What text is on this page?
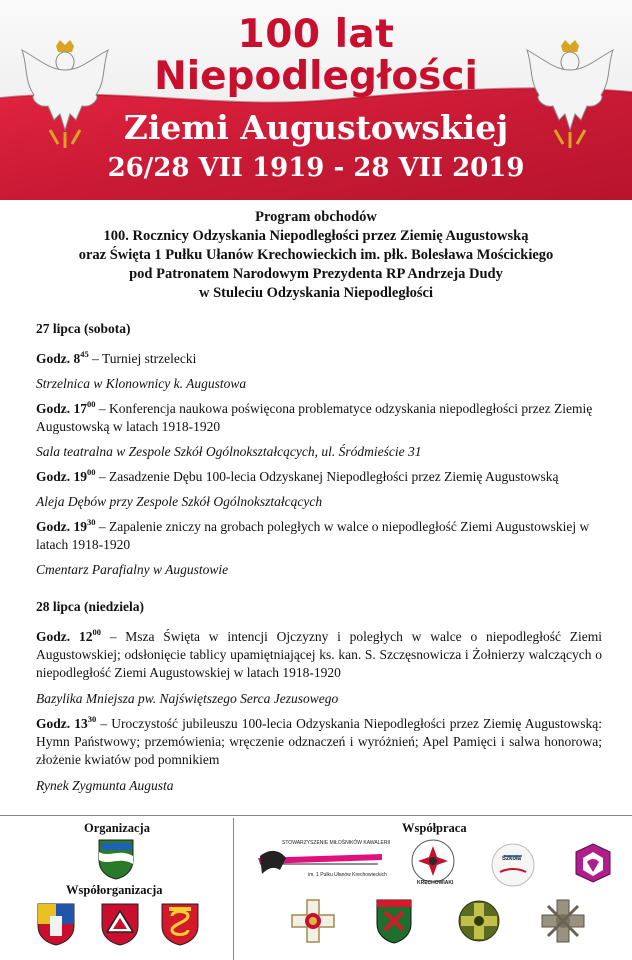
100 lat
Niepodległości
Ziemi Augustowskiej
26/28 VII 1919 - 28 VII 2019
Program obchodów
100. Rocznicy Odzyskania Niepodległości przez Ziemię Augustowską
oraz Święta 1 Pułku Ułanów Krechowieckich im. płk. Bolesława Mościckiego
pod Patronatem Narodowym Prezydenta RP Andrzeja Dudy
w Stuleciu Odzyskania Niepodległości
27 lipca (sobota)
Godz. $8^{45}$ – Turniej strzelecki
Strzelnica w Klonownicy k. Augustowa
Godz. $17^{00}$ – Konferencja naukowa poświęcona problematyce odzyskania niepodległości przez Ziemię Augustowską w latach 1918-1920
Sala teatralna w Zespole Szkół Ogólnokształcących, ul. Śródmieście 31
Godz. $19^{00}$ – Zasadzenie Dębu 100-lecia Odzyskanej Niepodległości przez Ziemię Augustowską
Aleja Dębów przy Zespole Szkół Ogólnokształcących
Godz. $19^{30}$ – Zapalenie zniczy na grobach poległych w walce o niepodległość Ziemi Augustowskiej w latach 1918-1920
Cmentarz Parafialny w Augustowie
28 lipca (niedziela)
Godz. $12^{00}$ – Msza Święta w intencji Ojczyzny i poległych w walce o niepodległość Ziemi Augustowskiej; odsłonięcie tablicy upamiętniającej ks. kan. S. Szczęsnowicza i Żołnierzy walczących o niepodległość Ziemi Augustowskiej w latach 1918-1920
Bazylika Mniejsza pw. Najświętszego Serca Jezusowego
Godz. $13^{30}$ – Uroczystość jubileuszu 100-lecia Odzyskania Niepodległości przez Ziemię Augustowską: Hymn Państwowy; przemówienia; wręczenie odznaczeń i wyróżnień; Apel Pamięci i salwa honorowa; złożenie kwiatów pod pomnikiem
Rynek Zygmunta Augusta
Organizacja
Współorganizacja
Współpraca
STOWARZYSZENIE MIŁOŚNIKÓW KAWALERII
im. 1 Pułku Ułanów Krechowieckich
KRECHOWIAKI
Szkoła
